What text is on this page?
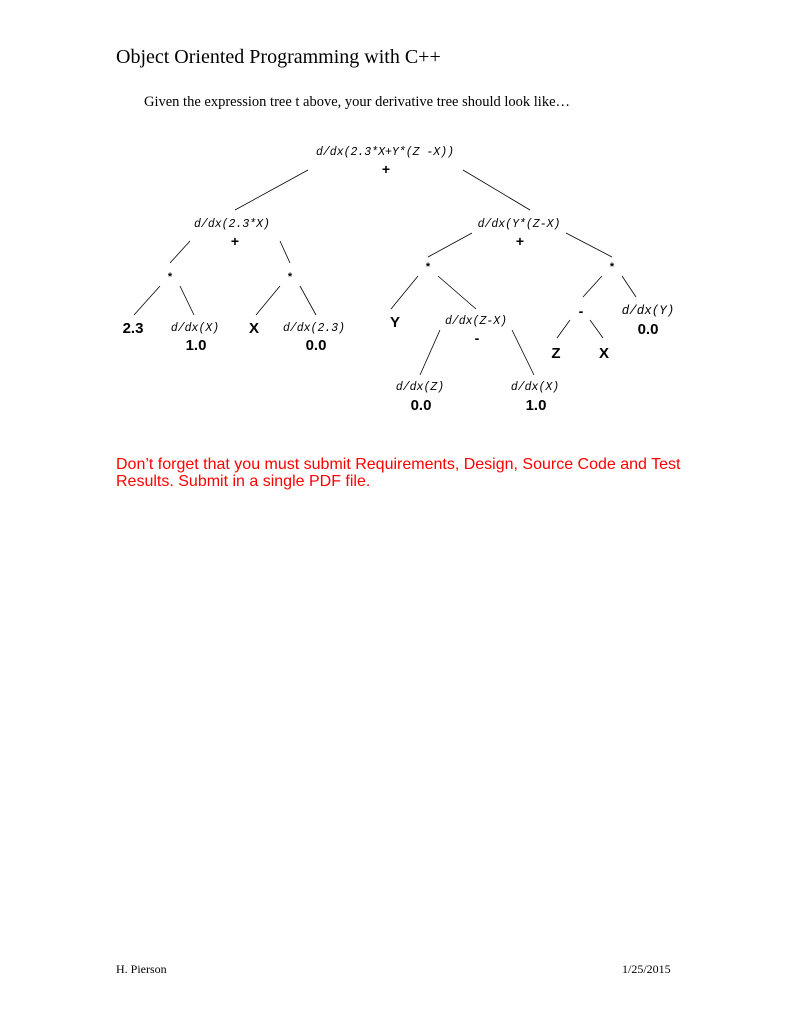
Object Oriented Programming with C++
Given the expression tree t above, your derivative tree should look like…
d/dx(2.3*X+Y*(Z -X))
+
d/dx(2.3*X)
+
*	*
2.3 d/dx(X)
1.0
X d/dx(2.3)
0.0
d/dx(Y*(Z-X)
+
*	*
Y	d/dx(Z-X)
-
d/dx(Z)
0.0
d/dx(X)
1.0
-
Z	X
d/dx(Y)
0.0
Don’t forget that you must submit Requirements, Design, Source Code and Test Results. Submit in a single PDF file.
H. Pierson	1/25/2015
